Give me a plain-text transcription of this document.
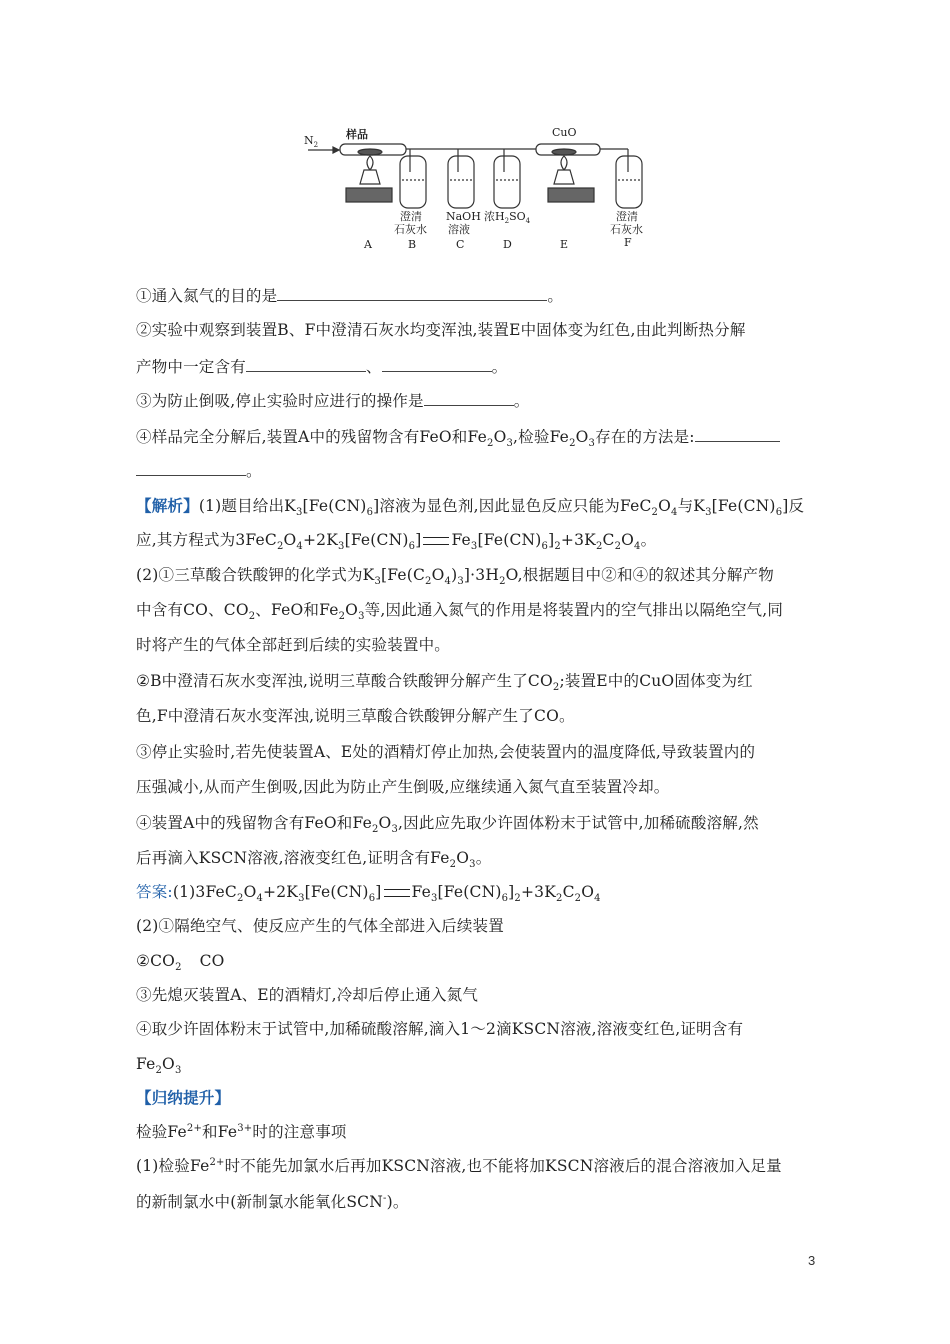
$N_2$
样品	CuO
澄清
石灰水
NaOH
溶液
浓$H_2SO_4$	澄清
石灰水
A	B	C	D	E	F
①通入氮气的目的是	。
②实验中观察到装置B、F中澄清石灰水均变浑浊,装置E中固体变为红色,由此判断热分解
产物中一定含有	、	。
③为防止倒吸,停止实验时应进行的操作是	。
④样品完全分解后,装置A中的残留物含有FeO和$Fe_2O_3$,检验$Fe_2O_3$存在的方法是:
。
【解析】(1)题目给出$K_3[Fe(CN)_6]$溶液为显色剂,因此显色反应只能为$FeC_2O_4$与$K_3[Fe(CN)_6]$反
应,其方程式为$3FeC_2O_4+2K_3[Fe(CN)_6]$ $Fe_3[Fe(CN)_6]_2+3K_2C_2O_4$。
(2)①三草酸合铁酸钾的化学式为$K_3[Fe(C_2O_4)_3]\cdot 3H_2O$,根据题目中②和④的叙述其分解产物
中含有CO、$CO_2$、FeO和$Fe_2O_3$等,因此通入氮气的作用是将装置内的空气排出以隔绝空气,同
时将产生的气体全部赶到后续的实验装置中。
②B中澄清石灰水变浑浊,说明三草酸合铁酸钾分解产生了$CO_2$;装置E中的CuO固体变为红
色,F中澄清石灰水变浑浊,说明三草酸合铁酸钾分解产生了CO。
③停止实验时,若先使装置A、E处的酒精灯停止加热,会使装置内的温度降低,导致装置内的
压强减小,从而产生倒吸,因此为防止产生倒吸,应继续通入氮气直至装置冷却。
④装置A中的残留物含有FeO和$Fe_2O_3$,因此应先取少许固体粉末于试管中,加稀硫酸溶解,然
后再滴入KSCN溶液,溶液变红色,证明含有$Fe_2O_3$。
答案$:(1)3FeC_2O_4+2K_3[Fe(CN)_6]$ $Fe_3[Fe(CN)_6]_2+3K_2C_2O_4$
(2)①隔绝空气、使反应产生的气体全部进入后续装置
$②CO_2$ CO
③先熄灭装置A、E的酒精灯,冷却后停止通入氮气
④取少许固体粉末于试管中,加稀硫酸溶解,滴入1～2滴KSCN溶液,溶液变红色,证明含有
$Fe_2O_3$
【归纳提升】
检验$Fe^{2+}$和$Fe^{3+}$时的注意事项
(1)检验$Fe^{2+}$时不能先加氯水后再加KSCN溶液,也不能将加KSCN溶液后的混合溶液加入足量
的新制氯水中(新制氯水能氧化SCN-)。
3
